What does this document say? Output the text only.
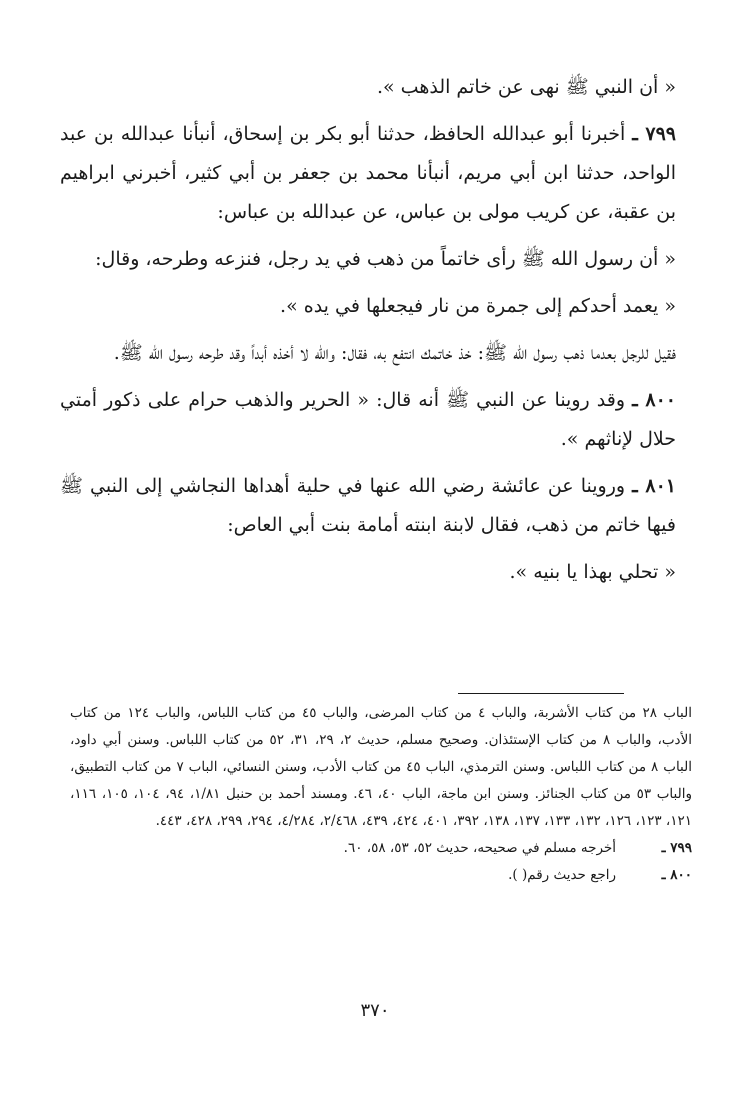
« أن النبي ﷺ نهى عن خاتم الذهب ».

٧٩٩ ـ أخبرنا أبو عبدالله الحافظ، حدثنا أبو بكر بن إسحاق، أنبأنا عبدالله بن عبد الواحد، حدثنا ابن أبي مريم، أنبأنا محمد بن جعفر بن أبي كثير، أخبرني ابراهيم بن عقبة، عن كريب مولى بن عباس، عن عبدالله بن عباس:

« أن رسول الله ﷺ رأى خاتماً من ذهب في يد رجل، فنزعه وطرحه، وقال:

« يعمد أحدكم إلى جمرة من نار فيجعلها في يده ».

فقيل للرجل بعدما ذهب رسول الله ﷺ: خذ خاتمك انتفع به، فقال: والله لا أخذه أبداً وقد طرحه رسول الله ﷺ.

٨٠٠ ـ وقد روينا عن النبي ﷺ أنه قال: « الحرير والذهب حرام على ذكور أمتي حلال لإناثهم ».

٨٠١ ـ وروينا عن عائشة رضي الله عنها في حلية أهداها النجاشي إلى النبي ﷺ فيها خاتم من ذهب، فقال لابنة ابنته أمامة بنت أبي العاص:

« تحلي بهذا يا بنيه ».

الباب ٢٨ من كتاب الأشربة، والباب ٤ من كتاب المرضى، والباب ٤٥ من كتاب اللباس، والباب ١٢٤ من كتاب الأدب، والباب ٨ من كتاب الإستئذان. وصحيح مسلم، حديث ٢، ٢٩، ٣١، ٥٢ من كتاب اللباس. وسنن أبي داود، الباب ٨ من كتاب اللباس. وسنن الترمذي، الباب ٤٥ من كتاب الأدب، وسنن النسائي، الباب ٧ من كتاب التطبيق، والباب ٥٣ من كتاب الجنائز. وسنن ابن ماجة، الباب ٤٠، ٤٦. ومسند أحمد بن حنبل ١/٨١، ٩٤، ١٠٤، ١٠٥، ١١٦، ١٢١، ١٢٣، ١٢٦، ١٣٢، ١٣٣، ١٣٧، ١٣٨، ٣٩٢، ٤٠١، ٤٢٤، ٤٣٩، ٢/٤٦٨، ٤/٢٨٤، ٢٩٤، ٢٩٩، ٤٢٨، ٤٤٣.

٧٩٩ ـ
أخرجه مسلم في صحيحه، حديث ٥٢، ٥٣، ٥٨، ٦٠.
٨٠٠ ـ
راجع حديث رقم( ).
٣٧٠
